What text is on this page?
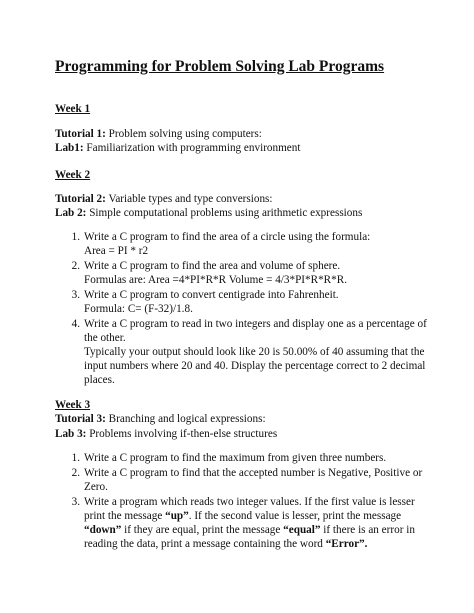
Programming for Problem Solving Lab Programs
Week 1
Tutorial 1: Problem solving using computers:
Lab1: Familiarization with programming environment
Week 2
Tutorial 2: Variable types and type conversions:
Lab 2: Simple computational problems using arithmetic expressions
1. Write a C program to find the area of a circle using the formula:
Area = PI * r2
2. Write a C program to find the area and volume of sphere.
Formulas are: Area =4*PI*R*R Volume = 4/3*PI*R*R*R.
3. Write a C program to convert centigrade into Fahrenheit.
Formula: C= (F-32)/1.8.
4. Write a C program to read in two integers and display one as a percentage of
the other.
Typically your output should look like 20 is 50.00% of 40 assuming that the
input numbers where 20 and 40. Display the percentage correct to 2 decimal
places.
Week 3
Tutorial 3: Branching and logical expressions:
Lab 3: Problems involving if-then-else structures
1. Write a C program to find the maximum from given three numbers.
2. Write a C program to find that the accepted number is Negative, Positive or
Zero.
3. Write a program which reads two integer values. If the first value is lesser
print the message “up”. If the second value is lesser, print the message
“down” if they are equal, print the message “equal” if there is an error in
reading the data, print a message containing the word “Error”.
